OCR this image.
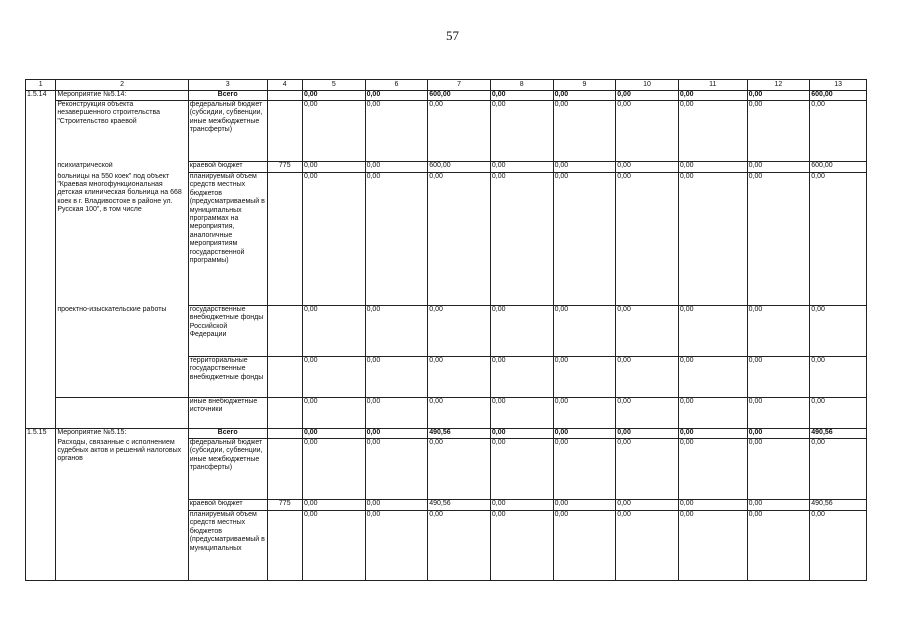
57
1	2	3	4	5	6	7	8	9	10	11	12	13
1.5.14	Мероприятие №5.14:	Всего		0,00	0,00	600,00	0,00	0,00	0,00	0,00	0,00	600,00
	Реконструкция объекта незавершенного строительства "Строительство краевой	федеральный бюджет (субсидии, субвенции, иные межбюджетные трансферты)		0,00	0,00	0,00	0,00	0,00	0,00	0,00	0,00	0,00
	психиатрической	краевой бюджет	775	0,00	0,00	600,00	0,00	0,00	0,00	0,00	0,00	600,00
	больницы на 550 коек" под объект "Краевая многофункциональная детская клиническая больница на 668 коек в г. Владивостоке в районе ул. Русская 100", в том числе	планируемый объем средств местных бюджетов (предусматриваемый в муниципальных программах на мероприятия, аналогичные мероприятиям государственной программы)		0,00	0,00	0,00	0,00	0,00	0,00	0,00	0,00	0,00
	проектно-изыскательские работы	государственные внебюджетные фонды Российской Федерации		0,00	0,00	0,00	0,00	0,00	0,00	0,00	0,00	0,00
		территориальные государственные внебюджетные фонды		0,00	0,00	0,00	0,00	0,00	0,00	0,00	0,00	0,00
		иные внебюджетные источники		0,00	0,00	0,00	0,00	0,00	0,00	0,00	0,00	0,00
1.5.15	Мероприятие №5.15:	Всего		0,00	0,00	490,56	0,00	0,00	0,00	0,00	0,00	490,56
	Расходы, связанные с исполнением судебных актов и решений налоговых органов	федеральный бюджет (субсидии, субвенции, иные межбюджетные трансферты)		0,00	0,00	0,00	0,00	0,00	0,00	0,00	0,00	0,00
		краевой бюджет	775	0,00	0,00	490,56	0,00	0,00	0,00	0,00	0,00	490,56
		планируемый объем средств местных бюджетов (предусматриваемый в муниципальных		0,00	0,00	0,00	0,00	0,00	0,00	0,00	0,00	0,00
